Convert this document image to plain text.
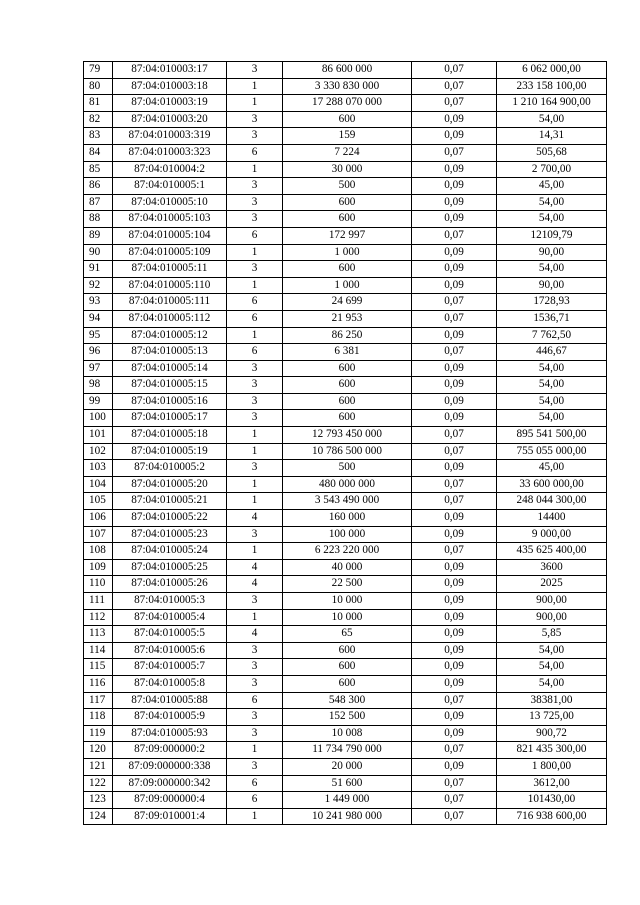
79	87:04:010003:17	3	86 600 000	0,07	6 062 000,00
80	87:04:010003:18	1	3 330 830 000	0,07	233 158 100,00
81	87:04:010003:19	1	17 288 070 000	0,07	1 210 164 900,00
82	87:04:010003:20	3	600	0,09	54,00
83	87:04:010003:319	3	159	0,09	14,31
84	87:04:010003:323	6	7 224	0,07	505,68
85	87:04:010004:2	1	30 000	0,09	2 700,00
86	87:04:010005:1	3	500	0,09	45,00
87	87:04:010005:10	3	600	0,09	54,00
88	87:04:010005:103	3	600	0,09	54,00
89	87:04:010005:104	6	172 997	0,07	12109,79
90	87:04:010005:109	1	1 000	0,09	90,00
91	87:04:010005:11	3	600	0,09	54,00
92	87:04:010005:110	1	1 000	0,09	90,00
93	87:04:010005:111	6	24 699	0,07	1728,93
94	87:04:010005:112	6	21 953	0,07	1536,71
95	87:04:010005:12	1	86 250	0,09	7 762,50
96	87:04:010005:13	6	6 381	0,07	446,67
97	87:04:010005:14	3	600	0,09	54,00
98	87:04:010005:15	3	600	0,09	54,00
99	87:04:010005:16	3	600	0,09	54,00
100	87:04:010005:17	3	600	0,09	54,00
101	87:04:010005:18	1	12 793 450 000	0,07	895 541 500,00
102	87:04:010005:19	1	10 786 500 000	0,07	755 055 000,00
103	87:04:010005:2	3	500	0,09	45,00
104	87:04:010005:20	1	480 000 000	0,07	33 600 000,00
105	87:04:010005:21	1	3 543 490 000	0,07	248 044 300,00
106	87:04:010005:22	4	160 000	0,09	14400
107	87:04:010005:23	3	100 000	0,09	9 000,00
108	87:04:010005:24	1	6 223 220 000	0,07	435 625 400,00
109	87:04:010005:25	4	40 000	0,09	3600
110	87:04:010005:26	4	22 500	0,09	2025
111	87:04:010005:3	3	10 000	0,09	900,00
112	87:04:010005:4	1	10 000	0,09	900,00
113	87:04:010005:5	4	65	0,09	5,85
114	87:04:010005:6	3	600	0,09	54,00
115	87:04:010005:7	3	600	0,09	54,00
116	87:04:010005:8	3	600	0,09	54,00
117	87:04:010005:88	6	548 300	0,07	38381,00
118	87:04:010005:9	3	152 500	0,09	13 725,00
119	87:04:010005:93	3	10 008	0,09	900,72
120	87:09:000000:2	1	11 734 790 000	0,07	821 435 300,00
121	87:09:000000:338	3	20 000	0,09	1 800,00
122	87:09:000000:342	6	51 600	0,07	3612,00
123	87:09:000000:4	6	1 449 000	0,07	101430,00
124	87:09:010001:4	1	10 241 980 000	0,07	716 938 600,00
